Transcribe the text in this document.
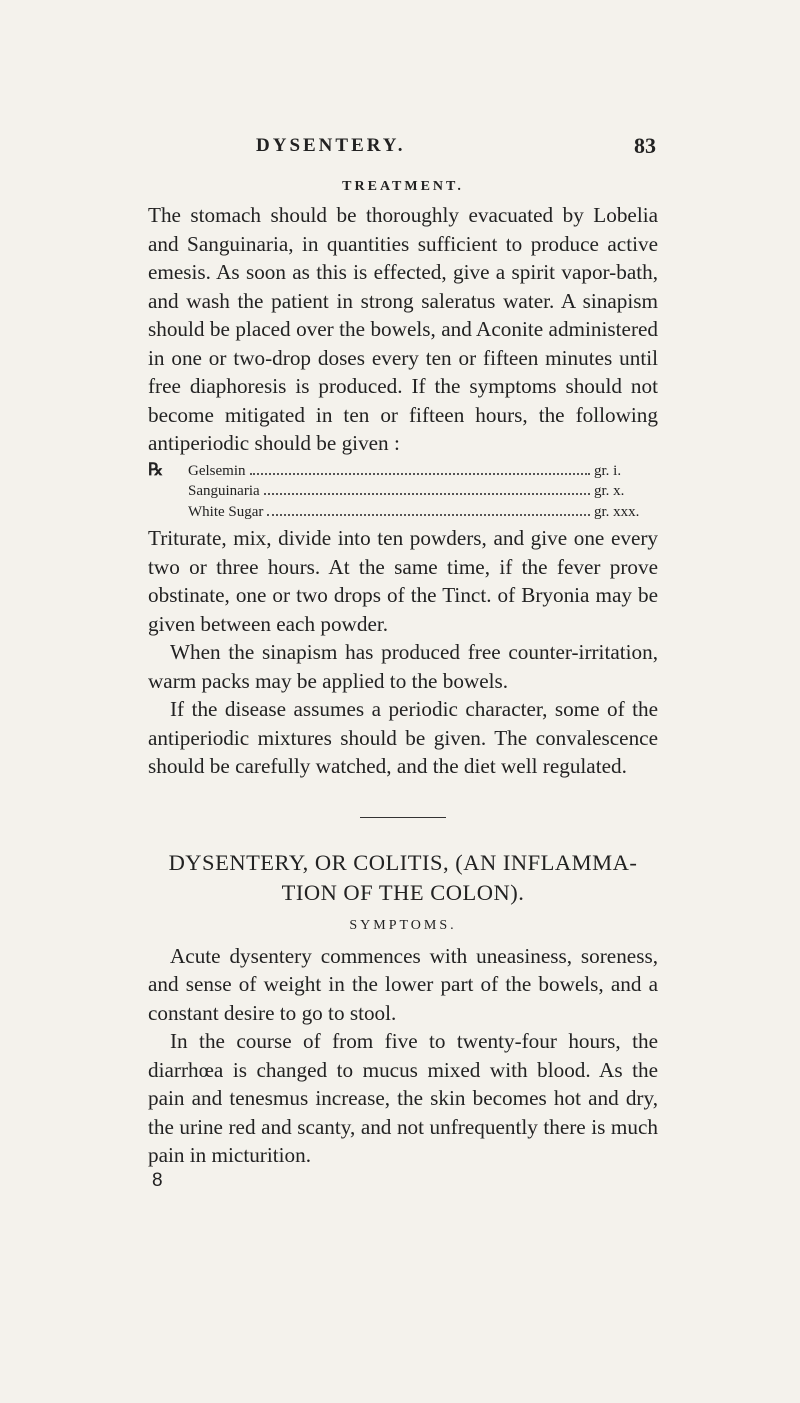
DYSENTERY.	83
TREATMENT.

The stomach should be thoroughly evacuated by Lobelia and Sanguinaria, in quantities sufficient to produce active emesis. As soon as this is effected, give a spirit vapor-bath, and wash the patient in strong saleratus water. A sinapism should be placed over the bowels, and Aconite administered in one or two-drop doses every ten or fifteen minutes until free diaphoresis is produced. If the symptoms should not become mitigated in ten or fifteen hours, the following antiperiodic should be given :

℞	Gelsemin	gr. i.
Sanguinaria	gr. x.
White Sugar	gr. xxx.

Triturate, mix, divide into ten powders, and give one every two or three hours. At the same time, if the fever prove obstinate, one or two drops of the Tinct. of Bryonia may be given between each powder.

When the sinapism has produced free counter-irritation, warm packs may be applied to the bowels.

If the disease assumes a periodic character, some of the antiperiodic mixtures should be given. The convalescence should be carefully watched, and the diet well regulated.

DYSENTERY, OR COLITIS, (AN INFLAMMA-
TION OF THE COLON).
SYMPTOMS.

Acute dysentery commences with uneasiness, soreness, and sense of weight in the lower part of the bowels, and a constant desire to go to stool.

In the course of from five to twenty-four hours, the diarrhœa is changed to mucus mixed with blood. As the pain and tenesmus increase, the skin becomes hot and dry, the urine red and scanty, and not unfrequently there is much pain in micturition.

8
